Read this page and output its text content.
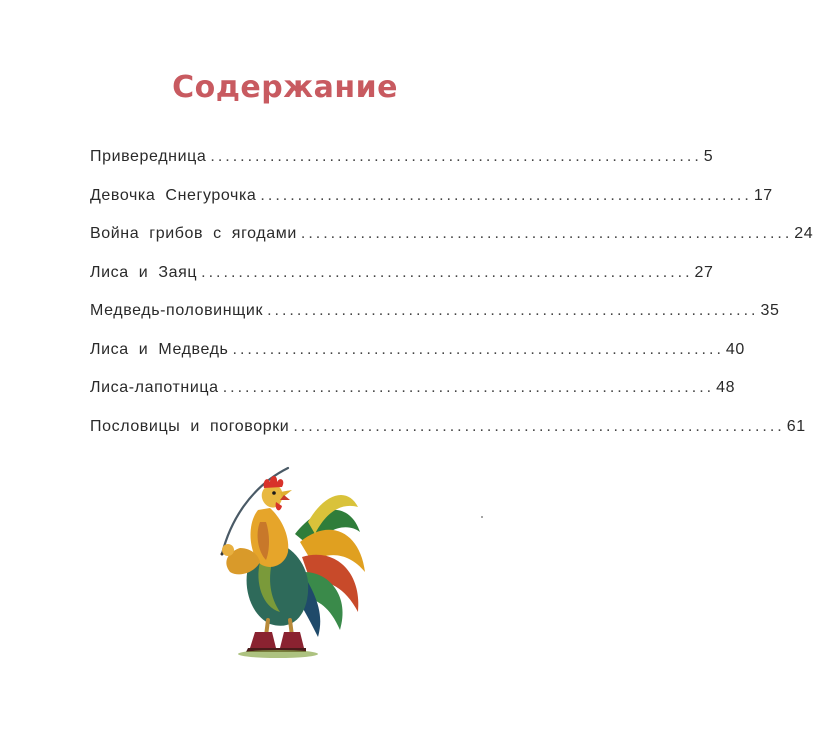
Содержание
Привередница .................................................................. 5
Девочка Снегурочка .................................................................. 17
Война грибов с ягодами .................................................................. 24
Лиса и Заяц .................................................................. 27
Медведь-половинщик .................................................................. 35
Лиса и Медведь .................................................................. 40
Лиса-лапотница .................................................................. 48
Пословицы и поговорки .................................................................. 61
